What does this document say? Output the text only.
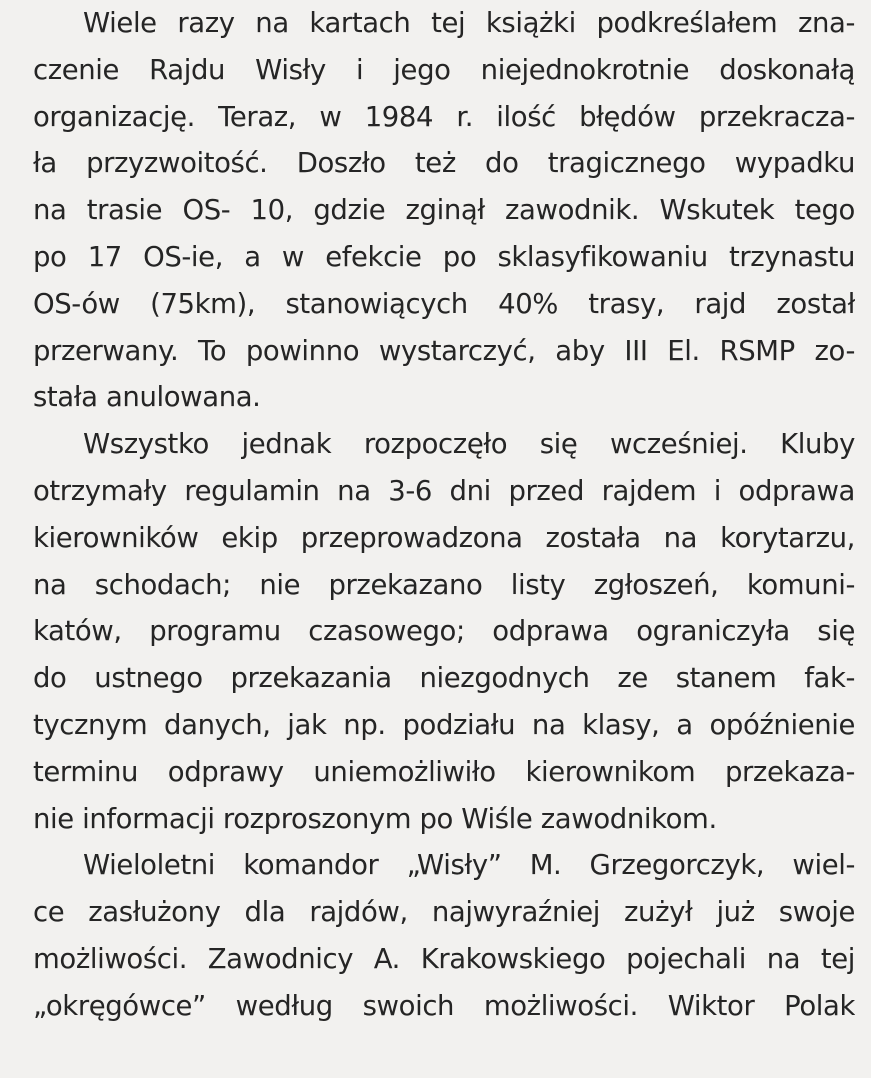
Wiele razy na kartach tej książki podkreślałem zna-
czenie Rajdu Wisły i jego niejednokrotnie doskonałą
organizację. Teraz, w 1984 r. ilość błędów przekracza-
ła przyzwoitość. Doszło też do tragicznego wypadku
na trasie OS- 10, gdzie zginął zawodnik. Wskutek tego
po 17 OS-ie, a w efekcie po sklasyfikowaniu trzynastu
OS-ów (75km), stanowiących 40% trasy, rajd został
przerwany. To powinno wystarczyć, aby III El. RSMP zo-
stała anulowana.
Wszystko jednak rozpoczęło się wcześniej. Kluby
otrzymały regulamin na 3-6 dni przed rajdem i odprawa
kierowników ekip przeprowadzona została na korytarzu,
na schodach; nie przekazano listy zgłoszeń, komuni-
katów, programu czasowego; odprawa ograniczyła się
do ustnego przekazania niezgodnych ze stanem fak-
tycznym danych, jak np. podziału na klasy, a opóźnienie
terminu odprawy uniemożliwiło kierownikom przekaza-
nie informacji rozproszonym po Wiśle zawodnikom.
Wieloletni komandor „Wisły” M. Grzegorczyk, wiel-
ce zasłużony dla rajdów, najwyraźniej zużył już swoje
możliwości. Zawodnicy A. Krakowskiego pojechali na tej
„okręgówce” według swoich możliwości. Wiktor Polak
